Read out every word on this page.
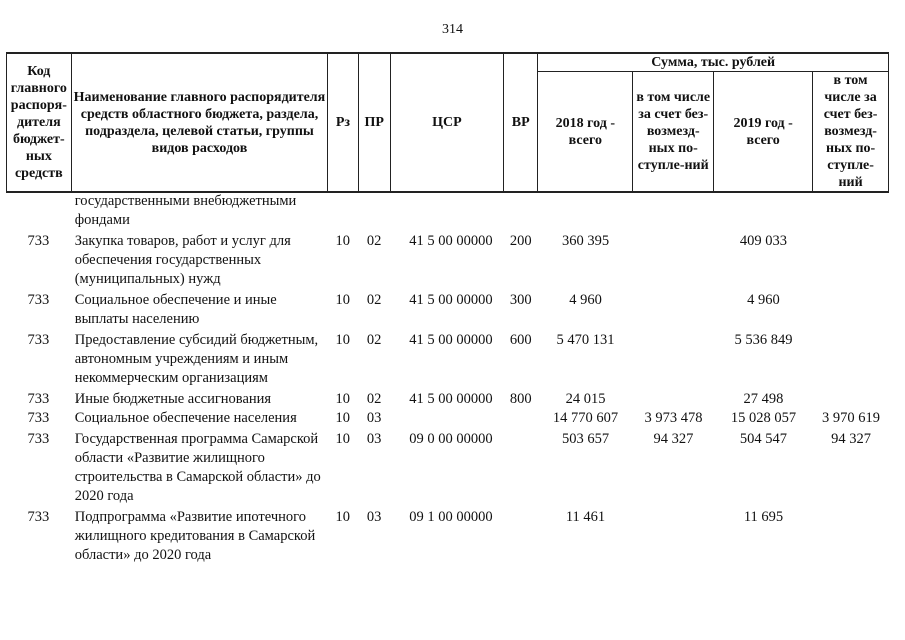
314
Код главного распоря-дителя бюджет-ных средств	Наименование главного распорядителя средств областного бюджета, раздела, подраздела, целевой статьи, группы видов расходов	Рз	ПР	ЦСР	ВР	Сумма, тыс. рублей			
						2018 год - всего	в том числе за счет без-возмезд-ных по-ступле-ний	2019 год - всего	в том числе за счет без-возмезд-ных по-ступле-ний
	государственными внебюджетными фондами								
733	Закупка товаров, работ и услуг для обеспечения государственных (муниципальных) нужд	10	02	41 5 00 00000	200	360 395		409 033	
733	Социальное обеспечение и иные выплаты населению	10	02	41 5 00 00000	300	4 960		4 960	
733	Предоставление субсидий бюджетным, автономным учреждениям и иным некоммерческим организациям	10	02	41 5 00 00000	600	5 470 131		5 536 849	
733	Иные бюджетные ассигнования	10	02	41 5 00 00000	800	24 015		27 498	
733	Социальное обеспечение населения	10	03			14 770 607	3 973 478	15 028 057	3 970 619
733	Государственная программа Самарской области «Развитие жилищного строительства в Самарской области» до 2020 года	10	03	09 0 00 00000		503 657	94 327	504 547	94 327
733	Подпрограмма «Развитие ипотечного жилищного кредитования в Самарской области» до 2020 года	10	03	09 1 00 00000		11 461		11 695	
